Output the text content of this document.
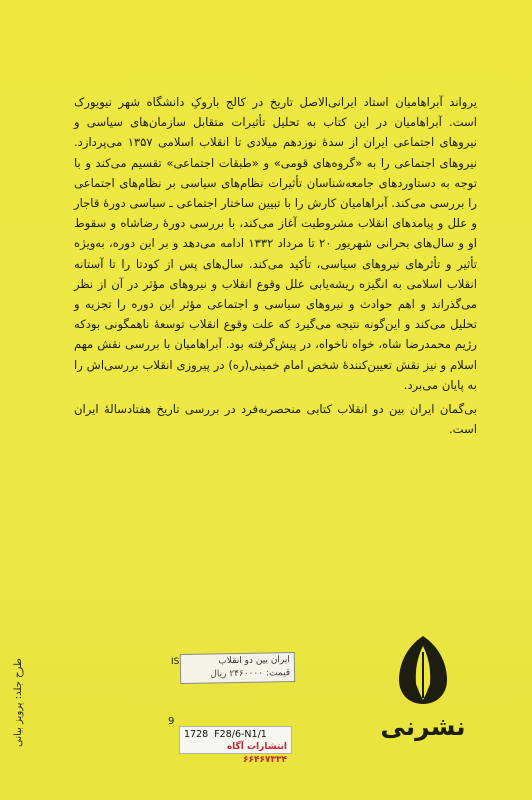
یرواند آبراهامیان استاد ایرانی‌الاصل تاریخ در کالج باروکِ دانشگاه شهر نیویورک است. آبراهامیان در این کتاب به تحلیل تأثیرات متقابل سازمان‌های سیاسی و نیروهای اجتماعی ایران از سدهٔ نوزدهم میلادی تا انقلاب اسلامی ۱۳۵۷ می‌پردازد. نیروهای اجتماعی را به «گروه‌های قومی» و «طبقات اجتماعی» تقسیم می‌کند و با توجه به دستاوردهای جامعه‌شناسان تأثیرات نظام‌های سیاسی بر نظام‌های اجتماعی را بررسی می‌کند. آبراهامیان کارش را با تبیین ساختار اجتماعی ـ سیاسی دورهٔ قاجار و علل و پیامدهای انقلاب مشروطیت آغاز می‌کند، با بررسی دورهٔ رضاشاه و سقوط او و سال‌های بحرانی شهریور ۲۰ تا مرداد ۱۳۳۲ ادامه می‌دهد و بر این دوره، به‌ویژه تأثیر و تأثرهای نیروهای سیاسی، تأکید می‌کند. سال‌های پس از کودتا را تا آستانه انقلاب اسلامی به انگیزه ریشه‌یابی علل وقوع انقلاب و نیروهای مؤثر در آن از نظر می‌گذراند و اهم حوادث و نیروهای سیاسی و اجتماعی مؤثر این دوره را تجزیه و تحلیل می‌کند و این‌گونه نتیجه می‌گیرد که علت وقوع انقلاب توسعهٔ ناهمگونی بودکه رژیم محمدرضا شاه، خواه ناخواه، در پیش‌گرفته بود. آبراهامیان با بررسی نقش مهم اسلام و نیز نقش تعیین‌کنندهٔ شخص امام خمینی(ره) در پیروزی انقلاب بررسی‌اش را به پایان می‌برد.

بی‌گمان ایران بین دو انقلاب کتابی منحصربه‌فرد در بررسی تاریخ هفتادسالهٔ ایران است.

طرح جلد: پرویز بیانی	IS	ایران بین دو انقلاب
قیمت: ۲۴۶۰۰۰۰ ریال
9
1728 F28/6-N1/1
انتشارات آگاه ۶۶۴۶۷۳۳۴
نشرنی
